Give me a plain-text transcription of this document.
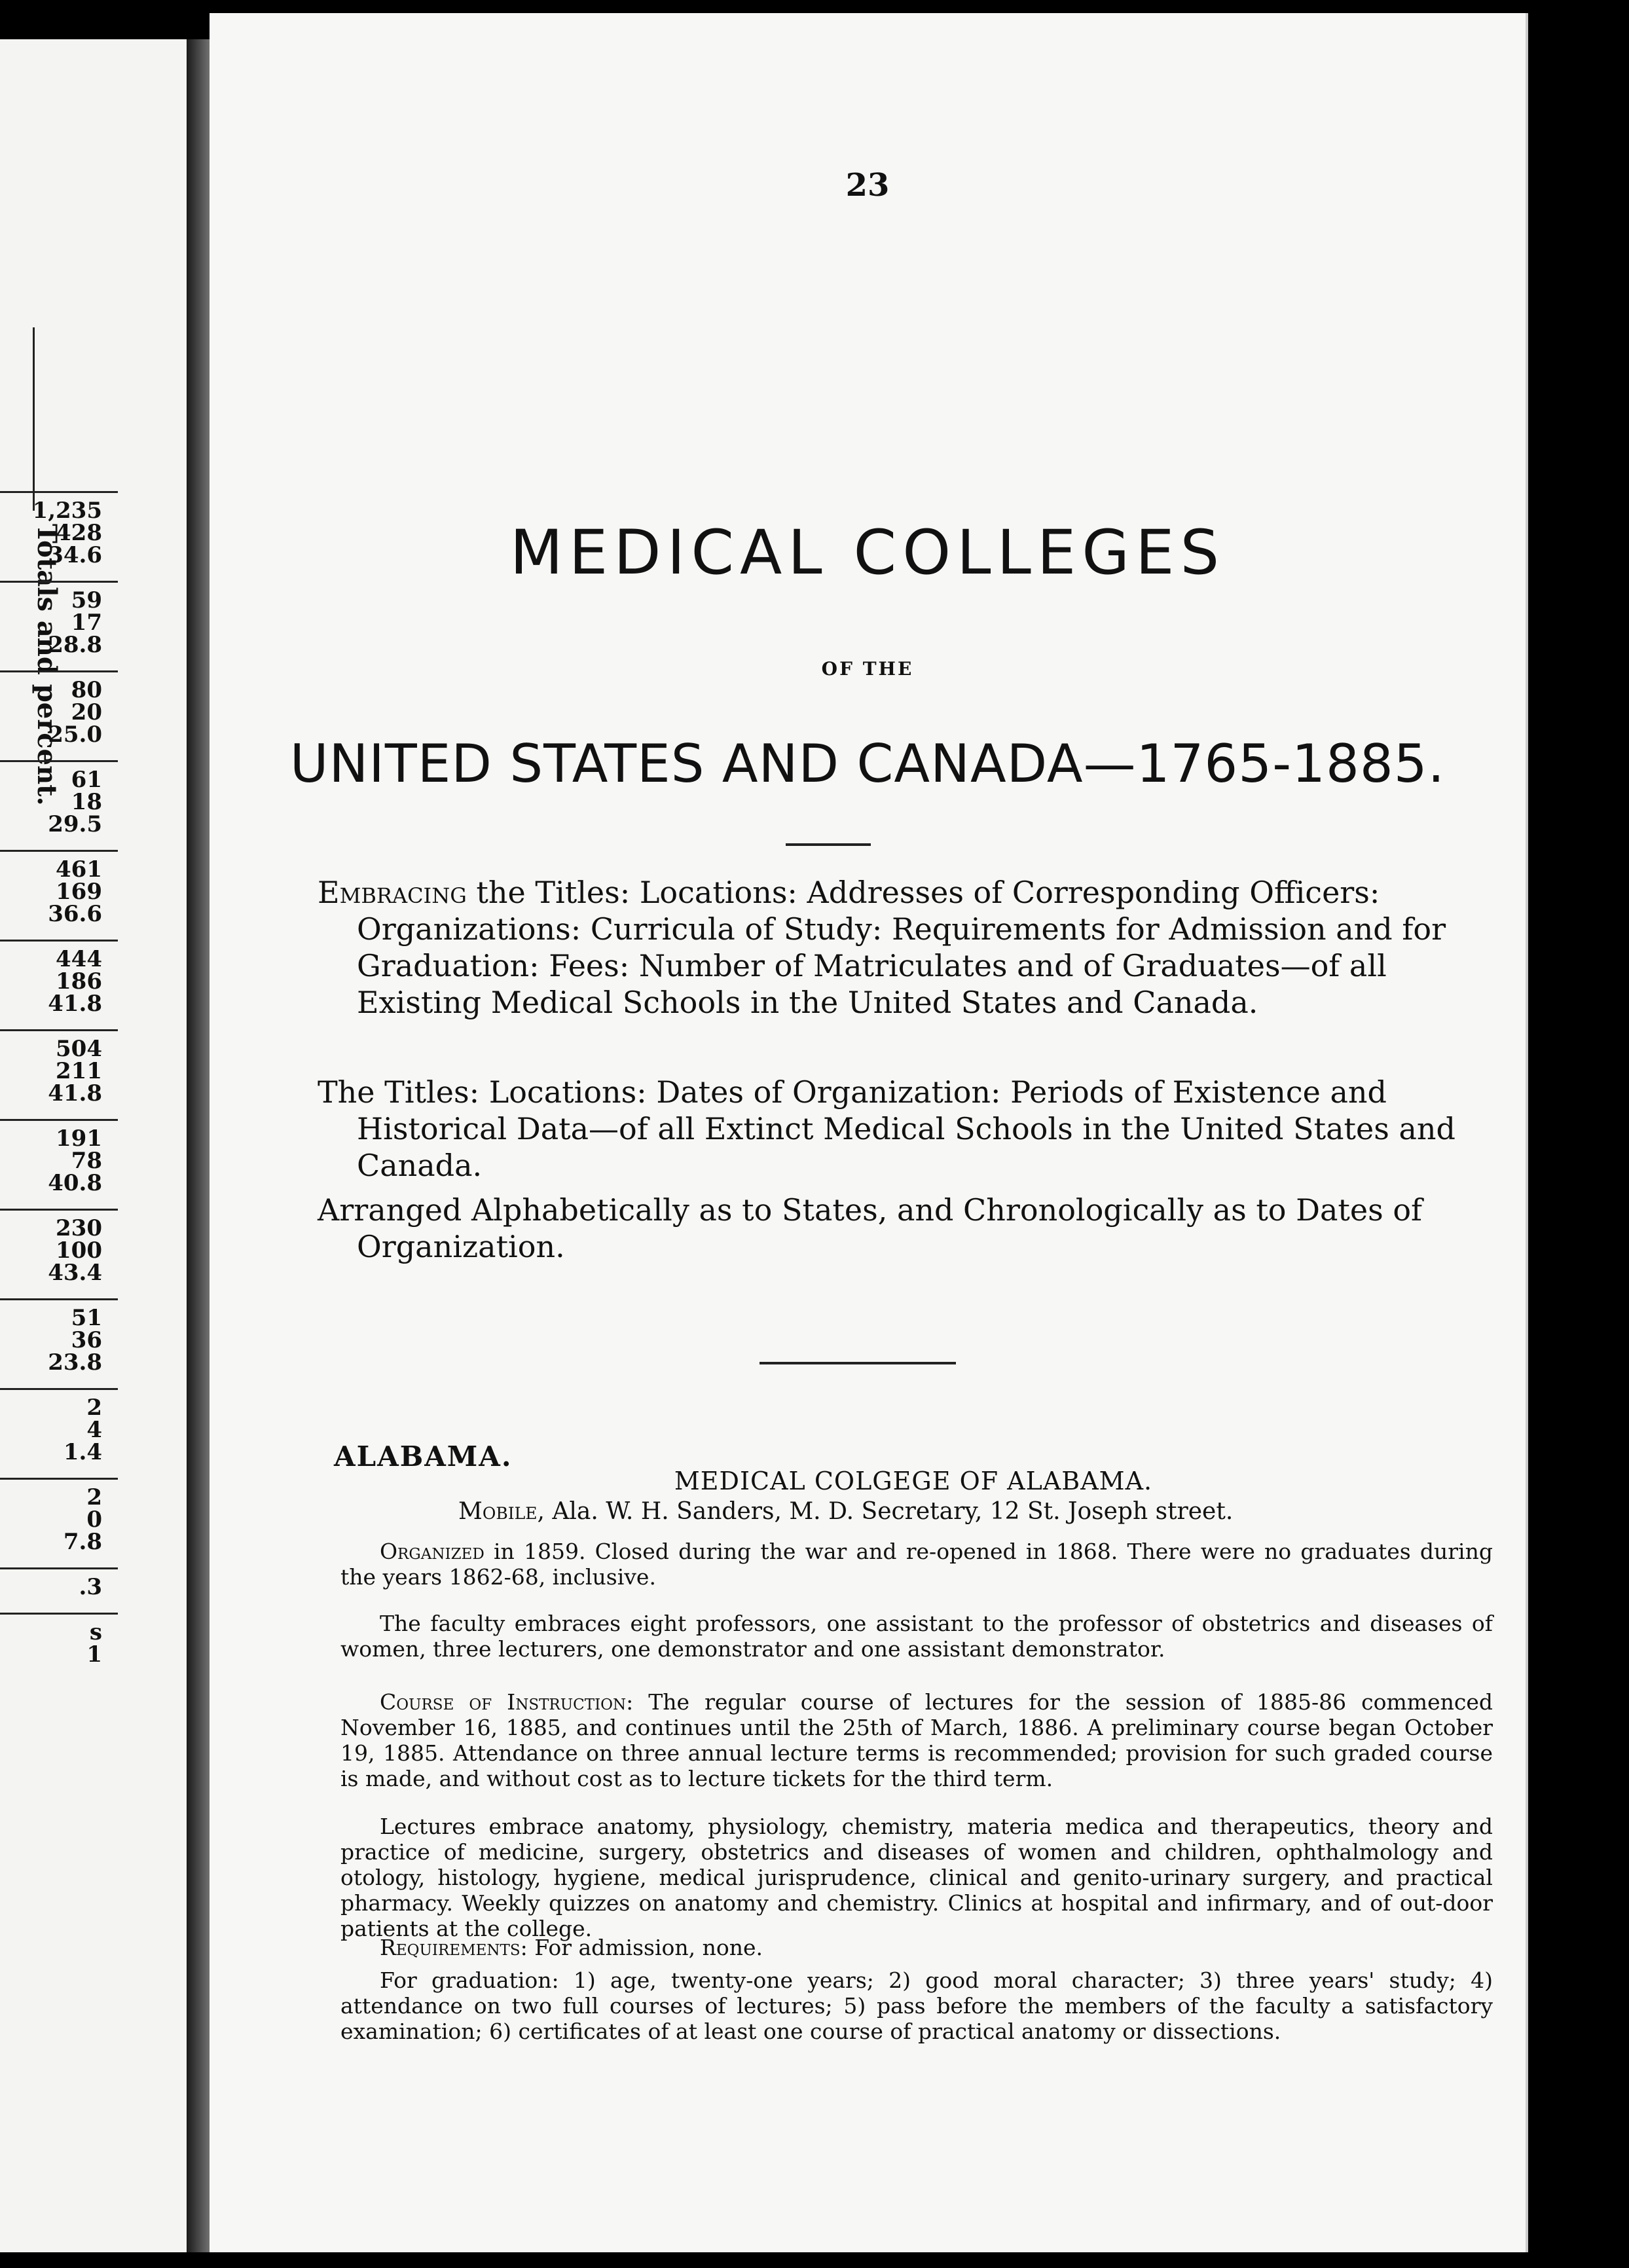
Totals and percent.
1,235
428
34.6
59
17
28.8
80
20
25.0
61
18
29.5
461
169
36.6
444
186
41.8
504
211
41.8
191
78
40.8
230
100
43.4
51
36
23.8
2
4
1.4
2
0
7.8
.3
s
1
23
MEDICAL COLLEGES
OF THE
UNITED STATES AND CANADA—1765-1885.
Embracing the Titles: Locations: Addresses of Corresponding Officers: Organizations: Curricula of Study: Requirements for Admission and for Graduation: Fees: Number of Matriculates and of Graduates—of all Existing Medical Schools in the United States and Canada.
The Titles: Locations: Dates of Organization: Periods of Existence and Historical Data—of all Extinct Medical Schools in the United States and Canada.
Arranged Alphabetically as to States, and Chronologically as to Dates of Organization.
ALABAMA.
MEDICAL COLGEGE OF ALABAMA.
Mobile, Ala. W. H. Sanders, M. D. Secretary, 12 St. Joseph street.

Organized in 1859. Closed during the war and re-opened in 1868. There were no graduates during the years 1862-68, inclusive.

The faculty embraces eight professors, one assistant to the professor of obstetrics and diseases of women, three lecturers, one demonstrator and one assistant demonstrator.

Course of Instruction: The regular course of lectures for the session of 1885-86 commenced November 16, 1885, and continues until the 25th of March, 1886. A preliminary course began October 19, 1885. Attendance on three annual lecture terms is recommended; provision for such graded course is made, and without cost as to lecture tickets for the third term.

Lectures embrace anatomy, physiology, chemistry, materia medica and therapeutics, theory and practice of medicine, surgery, obstetrics and diseases of women and children, ophthalmology and otology, histology, hygiene, medical jurisprudence, clinical and genito-urinary surgery, and practical pharmacy. Weekly quizzes on anatomy and chemistry. Clinics at hospital and infirmary, and of out-door patients at the college.

Requirements: For admission, none.

For graduation: 1) age, twenty-one years; 2) good moral character; 3) three years' study; 4) attendance on two full courses of lectures; 5) pass before the members of the faculty a satisfactory examination; 6) certificates of at least one course of practical anatomy or dissections.
